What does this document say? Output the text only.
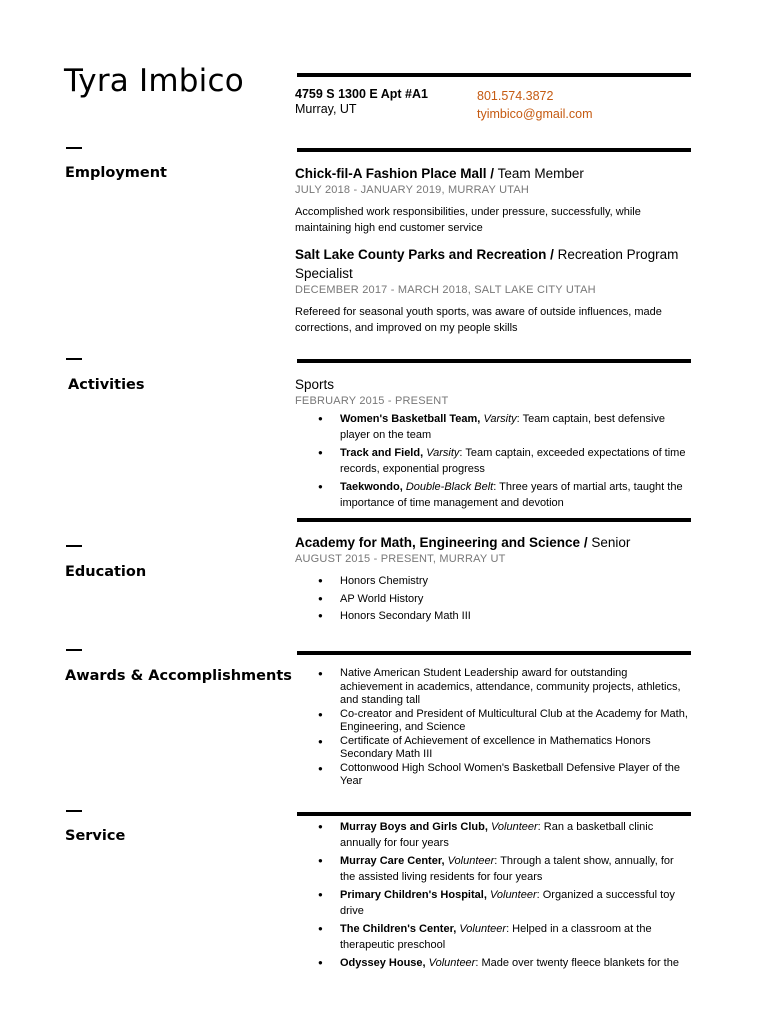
Tyra Imbico	4759 S 1300 E Apt #A1
Murray, UT
801.574.3872
tyimbico@gmail.com
Employment	Chick-fil-A Fashion Place Mall / Team Member
JULY 2018 - JANUARY 2019, MURRAY UTAH
Accomplished work responsibilities, under pressure, successfully, while maintaining high end customer service
Salt Lake County Parks and Recreation / Recreation Program Specialist
DECEMBER 2017 - MARCH 2018, SALT LAKE CITY UTAH
Refereed for seasonal youth sports, was aware of outside influences, made corrections, and improved on my people skills
Activities	Sports
FEBRUARY 2015 - PRESENT
● Women's Basketball Team, Varsity: Team captain, best defensive player on the team
● Track and Field, Varsity: Team captain, exceeded expectations of time records, exponential progress
● Taekwondo, Double-Black Belt: Three years of martial arts, taught the importance of time management and devotion
Education
Academy for Math, Engineering and Science / Senior
AUGUST 2015 - PRESENT, MURRAY UT
● Honors Chemistry
● AP World History
● Honors Secondary Math III
Awards & Accomplishments
●	Native American Student Leadership award for outstanding achievement in academics, attendance, community projects, athletics, and standing tall
● Co-creator and President of Multicultural Club at the Academy for Math, Engineering, and Science
● Certificate of Achievement of excellence in Mathematics Honors Secondary Math III
● Cottonwood High School Women's Basketball Defensive Player of the Year
Service
● Murray Boys and Girls Club, Volunteer: Ran a basketball clinic annually for four years
● Murray Care Center, Volunteer: Through a talent show, annually, for the assisted living residents for four years
● Primary Children's Hospital, Volunteer: Organized a successful toy drive
● The Children's Center, Volunteer: Helped in a classroom at the therapeutic preschool
● Odyssey House, Volunteer: Made over twenty fleece blankets for the
